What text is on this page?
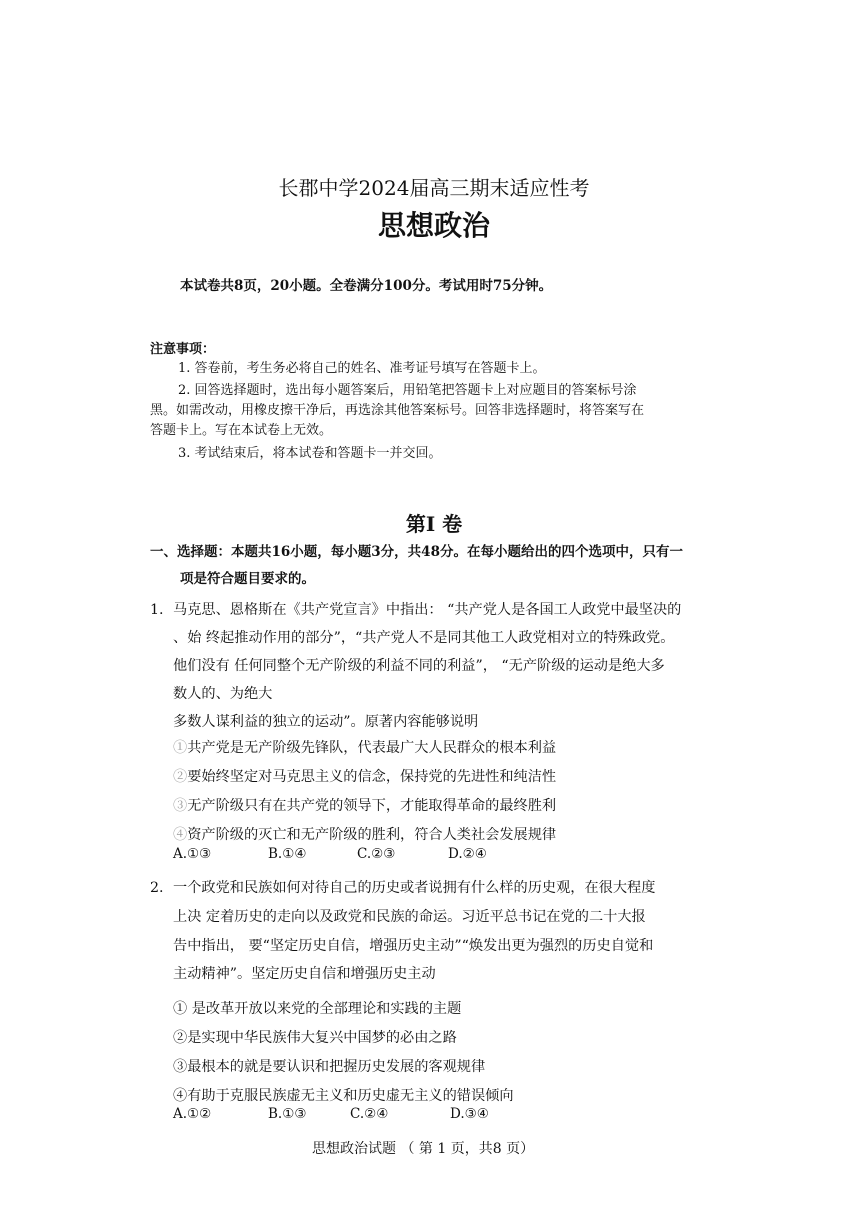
长郡中学2024届高三期末适应性考
思想政治
本试卷共8页，20小题。全卷满分100分。考试用时75分钟。
注意事项：
1. 答卷前，考生务必将自己的姓名、准考证号填写在答题卡上。
2. 回答选择题时，选出每小题答案后，用铅笔把答题卡上对应题目的答案标号涂
黑。如需改动，用橡皮擦干净后，再选涂其他答案标号。回答非选择题时，将答案写在
答题卡上。写在本试卷上无效。
3. 考试结束后，将本试卷和答题卡一并交回。
第I 卷
一、选择题：本题共16小题，每小题3分，共48分。在每小题给出的四个选项中，只有一
项是符合题目要求的。
1. 马克思、恩格斯在《共产党宣言》中指出： “共产党人是各国工人政党中最坚决的
、始 终起推动作用的部分”，“共产党人不是同其他工人政党相对立的特殊政党。
他们没有 任何同整个无产阶级的利益不同的利益”， “无产阶级的运动是绝大多
数人的、为绝大
多数人谋利益的独立的运动”。原著内容能够说明
①共产党是无产阶级先锋队，代表最广大人民群众的根本利益
②要始终坚定对马克思主义的信念，保持党的先进性和纯洁性
③无产阶级只有在共产党的领导下，才能取得革命的最终胜利
④资产阶级的灭亡和无产阶级的胜利，符合人类社会发展规律
A.①③	B.①④	C.②③	D.②④
2. 一个政党和民族如何对待自己的历史或者说拥有什么样的历史观，在很大程度
上决 定着历史的走向以及政党和民族的命运。习近平总书记在党的二十大报
告中指出， 要“坚定历史自信，增强历史主动”“焕发出更为强烈的历史自觉和
主动精神”。坚定历史自信和增强历史主动
① 是改革开放以来党的全部理论和实践的主题
②是实现中华民族伟大复兴中国梦的必由之路
③最根本的就是要认识和把握历史发展的客观规律
④有助于克服民族虚无主义和历史虚无主义的错误倾向
A.①②	B.①③	C.②④	D.③④
思想政治试题 （ 第 1 页，共8 页）
